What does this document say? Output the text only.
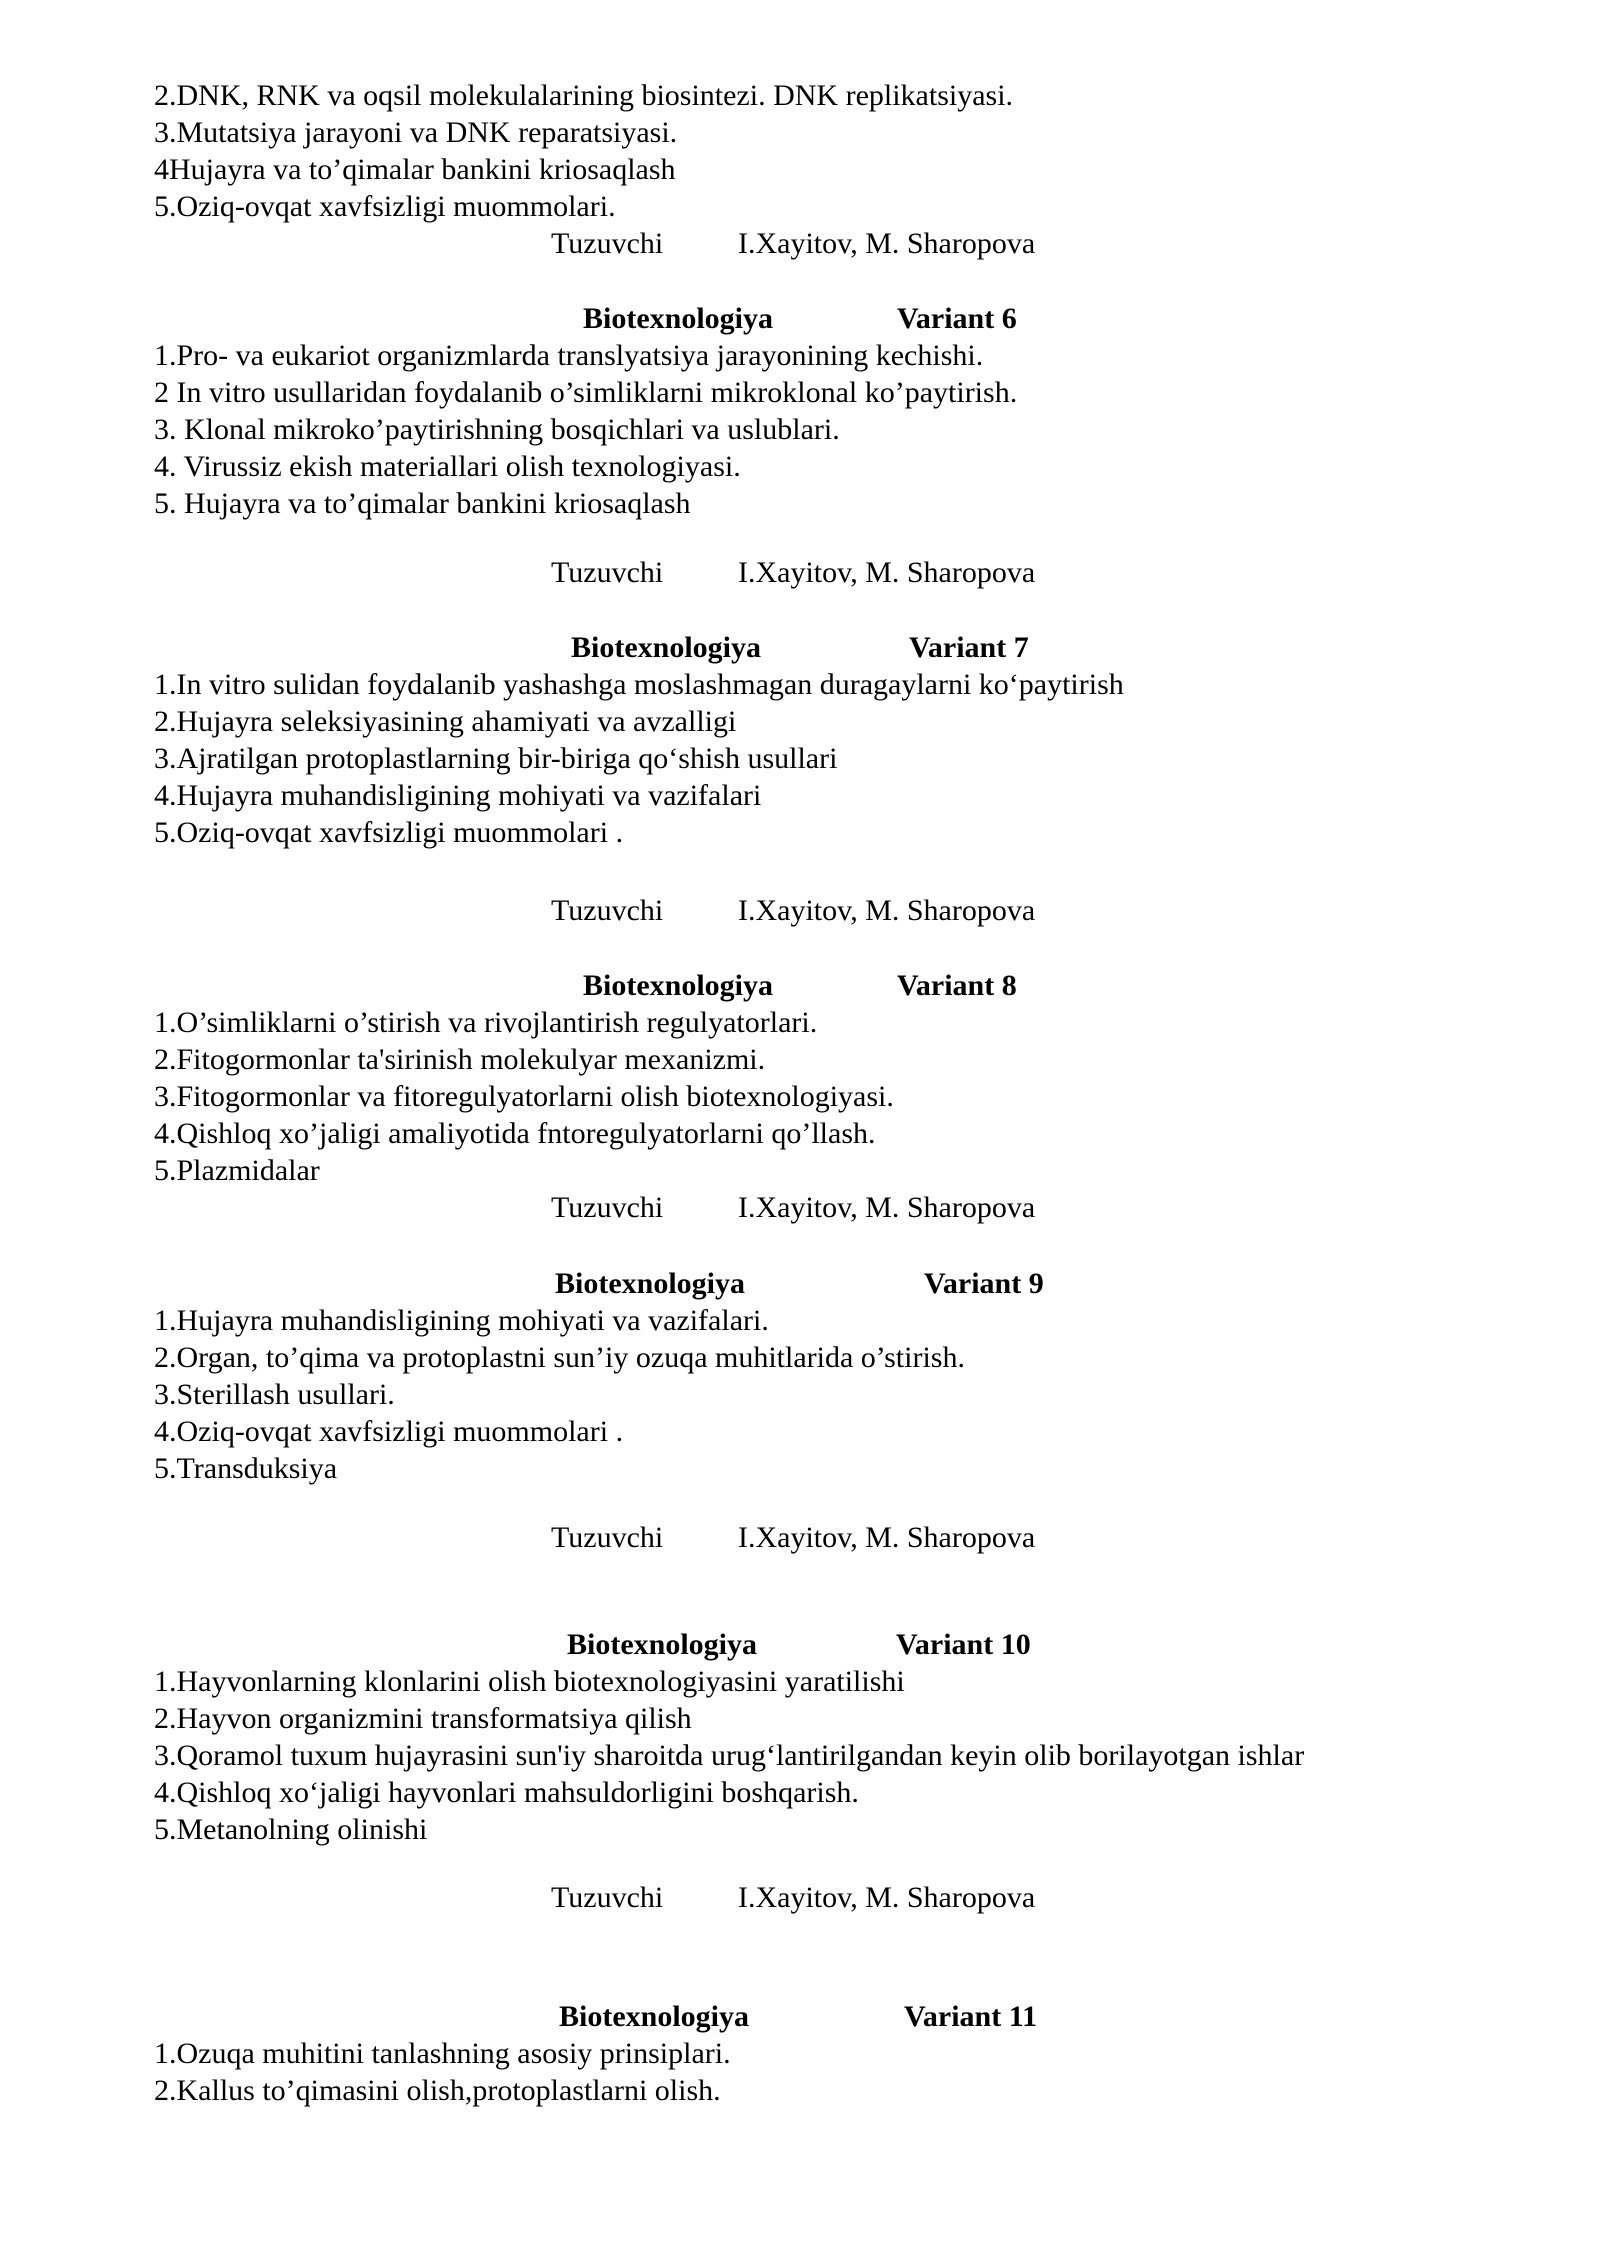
2.DNK, RNK va oqsil molekulalarining biosintezi. DNK replikatsiyasi.
3.Mutatsiya jarayoni va DNK reparatsiyasi.
4Hujayra va to’qimalar bankini kriosaqlash
5.Oziq-ovqat xavfsizligi muommolari.
Tuzuvchi I.Xayitov, M. Sharopova
Biotexnologiya	Variant 6
1.Pro- va eukariot organizmlarda translyatsiya jarayonining kechishi.
2 In vitro usullaridan foydalanib o’simliklarni mikroklonal ko’paytirish.
3. Klonal mikroko’paytirishning bosqichlari va uslublari.
4. Virussiz ekish materiallari olish texnologiyasi.
5. Hujayra va to’qimalar bankini kriosaqlash
Tuzuvchi I.Xayitov, M. Sharopova
Biotexnologiya	Variant 7
1.In vitro sulidan foydalanib yashashga moslashmagan duragaylarni ko‘paytirish
2.Hujayra seleksiyasining ahamiyati va avzalligi
3.Ajratilgan protoplastlarning bir-biriga qo‘shish usullari
4.Hujayra muhandisligining mohiyati va vazifalari
5.Oziq-ovqat xavfsizligi muommolari .
Tuzuvchi I.Xayitov, M. Sharopova
Biotexnologiya	Variant 8
1.O’simliklarni o’stirish va rivojlantirish regulyatorlari.
2.Fitogormonlar ta'sirinish molekulyar mexanizmi.
3.Fitogormonlar va fitoregulyatorlarni olish biotexnologiyasi.
4.Qishloq xo’jaligi amaliyotida fntoregulyatorlarni qo’llash.
5.Plazmidalar
Tuzuvchi I.Xayitov, M. Sharopova
Biotexnologiya	Variant 9
1.Hujayra muhandisligining mohiyati va vazifalari.
2.Organ, to’qima va protoplastni sun’iy ozuqa muhitlarida o’stirish.
3.Sterillash usullari.
4.Oziq-ovqat xavfsizligi muommolari .
5.Transduksiya
Tuzuvchi I.Xayitov, M. Sharopova
Biotexnologiya	Variant 10
1.Hayvonlarning klonlarini olish biotexnologiyasini yaratilishi
2.Hayvon organizmini transformatsiya qilish
3.Qoramol tuxum hujayrasini sun'iy sharoitda urug‘lantirilgandan keyin olib borilayotgan ishlar
4.Qishloq xo‘jaligi hayvonlari mahsuldorligini boshqarish.
5.Metanolning olinishi
Tuzuvchi I.Xayitov, M. Sharopova
Biotexnologiya	Variant 11
1.Ozuqa muhitini tanlashning asosiy prinsiplari.
2.Kallus to’qimasini olish,protoplastlarni olish.
